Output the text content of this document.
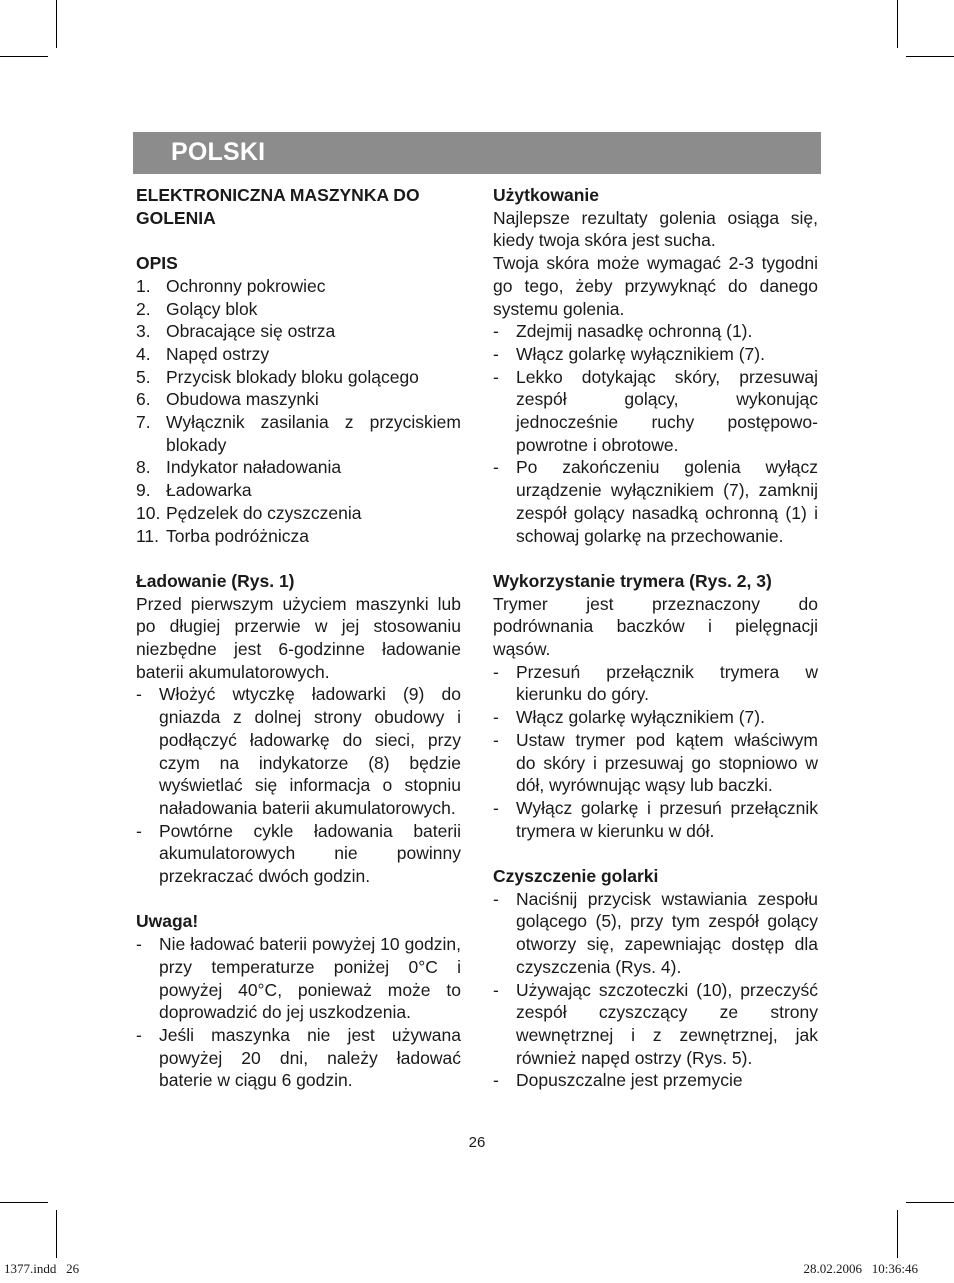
POLSKI

ELEKTRONICZNA MASZYNKA DO GOLENIA

OPIS

1. Ochronny pokrowiec
2. Golący blok
3. Obracające się ostrza
4. Napęd ostrzy
5. Przycisk blokady bloku golącego
6. Obudowa maszynki
7. Wyłącznik zasilania z przyciskiem blokady
8. Indykator naładowania
9. Ładowarka
10. Pędzelek do czyszczenia
11. Torba podróżnicza

Ładowanie (Rys. 1)

Przed pierwszym użyciem maszynki lub po długiej przerwie w jej stosowaniu niezbędne jest 6-godzinne ładowanie baterii akumulatorowych.

- Włożyć wtyczkę ładowarki (9) do gniazda z dolnej strony obudowy i podłączyć ładowarkę do sieci, przy czym na indykatorze (8) będzie wyświetlać się informacja o stopniu naładowania baterii akumulatorowych.
- Powtórne cykle ładowania baterii akumulatorowych nie powinny przekraczać dwóch godzin.

Uwaga!

- Nie ładować baterii powyżej 10 godzin, przy temperaturze poniżej 0°C i powyżej 40°C, ponieważ może to doprowadzić do jej uszkodzenia.
- Jeśli maszynka nie jest używana powyżej 20 dni, należy ładować baterie w ciągu 6 godzin.

Użytkowanie

Najlepsze rezultaty golenia osiąga się, kiedy twoja skóra jest sucha.

Twoja skóra może wymagać 2-3 tygodni go tego, żeby przywyknąć do danego systemu golenia.

- Zdejmij nasadkę ochronną (1).
- Włącz golarkę wyłącznikiem (7).
- Lekko dotykając skóry, przesuwaj zespół golący, wykonując jednocześnie ruchy postępowo- powrotne i obrotowe.
- Po zakończeniu golenia wyłącz urządzenie wyłącznikiem (7), zamknij zespół golący nasadką ochronną (1) i schowaj golarkę na przechowanie.

Wykorzystanie trymera (Rys. 2, 3)

Trymer jest przeznaczony do podrównania baczków i pielęgnacji wąsów.

- Przesuń przełącznik trymera w kierunku do góry.
- Włącz golarkę wyłącznikiem (7).
- Ustaw trymer pod kątem właściwym do skóry i przesuwaj go stopniowo w dół, wyrównując wąsy lub baczki.
- Wyłącz golarkę i przesuń przełącznik trymera w kierunku w dół.

Czyszczenie golarki

- Naciśnij przycisk wstawiania zespołu golącego (5), przy tym zespół golący otworzy się, zapewniając dostęp dla czyszczenia (Rys. 4).
- Używając szczoteczki (10), przeczyść zespół czyszczący ze strony wewnętrznej i z zewnętrznej, jak również napęd ostrzy (Rys. 5).
- Dopuszczalne jest przemycie
26
1377.indd   26	28.02.2006   10:36:46
